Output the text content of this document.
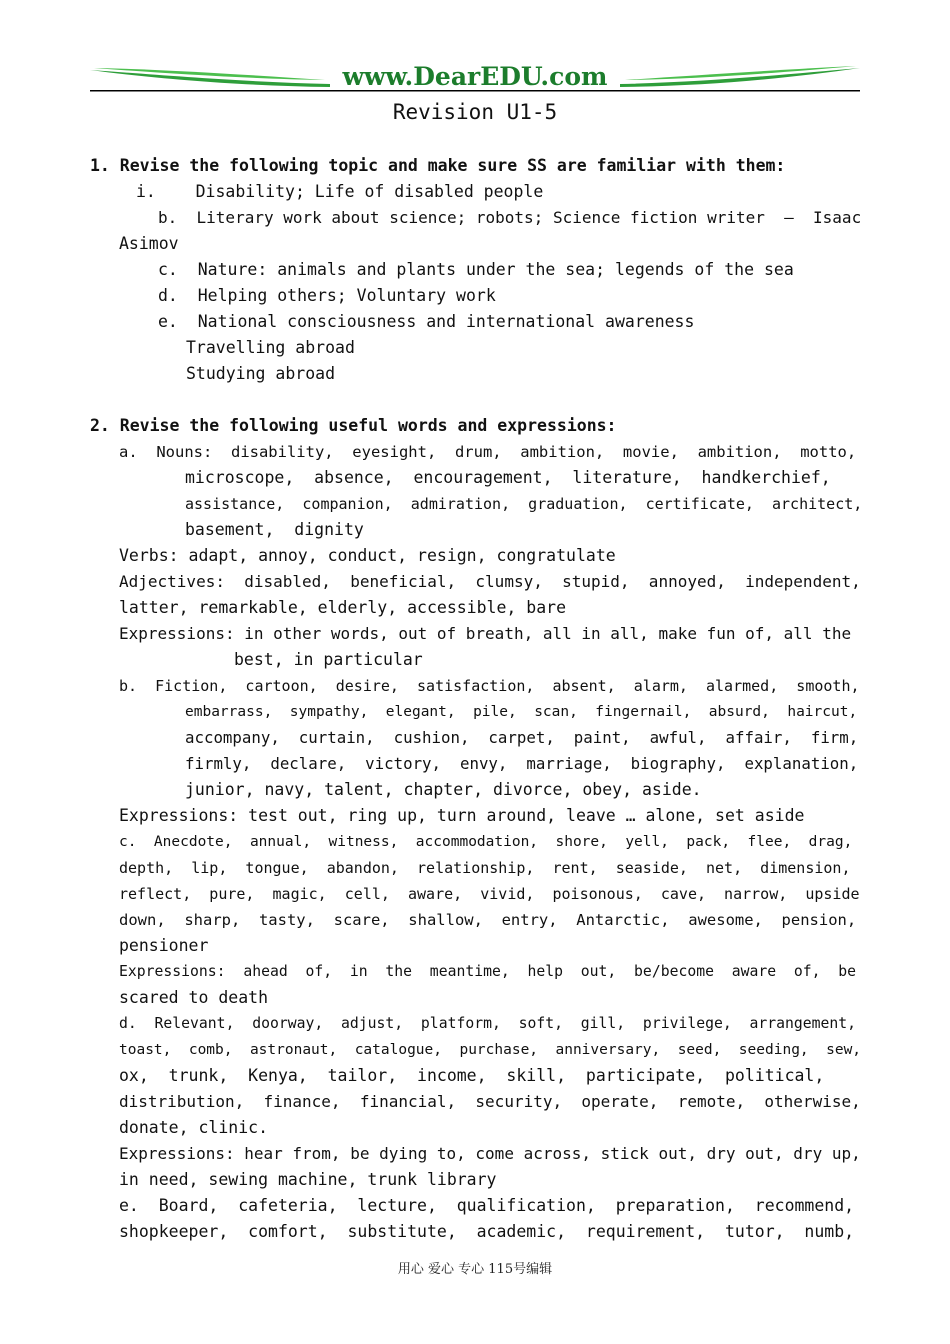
www.DearEDU.com
Revision U1-5
1. Revise the following topic and make sure SS are familiar with them:
i.    Disability; Life of disabled people
b.  Literary work about science; robots; Science fiction writer  –  Isaac
Asimov
c.  Nature: animals and plants under the sea; legends of the sea
d.  Helping others; Voluntary work
e.  National consciousness and international awareness
Travelling abroad
Studying abroad
2. Revise the following useful words and expressions:
a.  Nouns:  disability,  eyesight,  drum,  ambition,  movie,  ambition,  motto,
microscope,  absence,  encouragement,  literature,  handkerchief,
assistance,  companion,  admiration,  graduation,  certificate,  architect,
basement,  dignity
Verbs: adapt, annoy, conduct, resign, congratulate
Adjectives:  disabled,  beneficial,  clumsy,  stupid,  annoyed,  independent,
latter, remarkable, elderly, accessible, bare
Expressions: in other words, out of breath, all in all, make fun of, all the
best, in particular
b.  Fiction,  cartoon,  desire,  satisfaction,  absent,  alarm,  alarmed,  smooth,
embarrass,  sympathy,  elegant,  pile,  scan,  fingernail,  absurd,  haircut,
accompany,  curtain,  cushion,  carpet,  paint,  awful,  affair,  firm,
firmly,  declare,  victory,  envy,  marriage,  biography,  explanation,
junior, navy, talent, chapter, divorce, obey, aside.
Expressions: test out, ring up, turn around, leave … alone, set aside
c.  Anecdote,  annual,  witness,  accommodation,  shore,  yell,  pack,  flee,  drag,
depth,  lip,  tongue,  abandon,  relationship,  rent,  seaside,  net,  dimension,
reflect,  pure,  magic,  cell,  aware,  vivid,  poisonous,  cave,  narrow,  upside
down,  sharp,  tasty,  scare,  shallow,  entry,  Antarctic,  awesome,  pension,
pensioner
Expressions:  ahead  of,  in  the  meantime,  help  out,  be/become  aware  of,  be
scared to death
d.  Relevant,  doorway,  adjust,  platform,  soft,  gill,  privilege,  arrangement,
toast,  comb,  astronaut,  catalogue,  purchase,  anniversary,  seed,  seeding,  sew,
ox,  trunk,  Kenya,  tailor,  income,  skill,  participate,  political,
distribution,  finance,  financial,  security,  operate,  remote,  otherwise,
donate, clinic.
Expressions: hear from, be dying to, come across, stick out, dry out, dry up,
in need, sewing machine, trunk library
e.  Board,  cafeteria,  lecture,  qualification,  preparation,  recommend,
shopkeeper,  comfort,  substitute,  academic,  requirement,  tutor,  numb,
用心 爱心 专心 115号编辑
